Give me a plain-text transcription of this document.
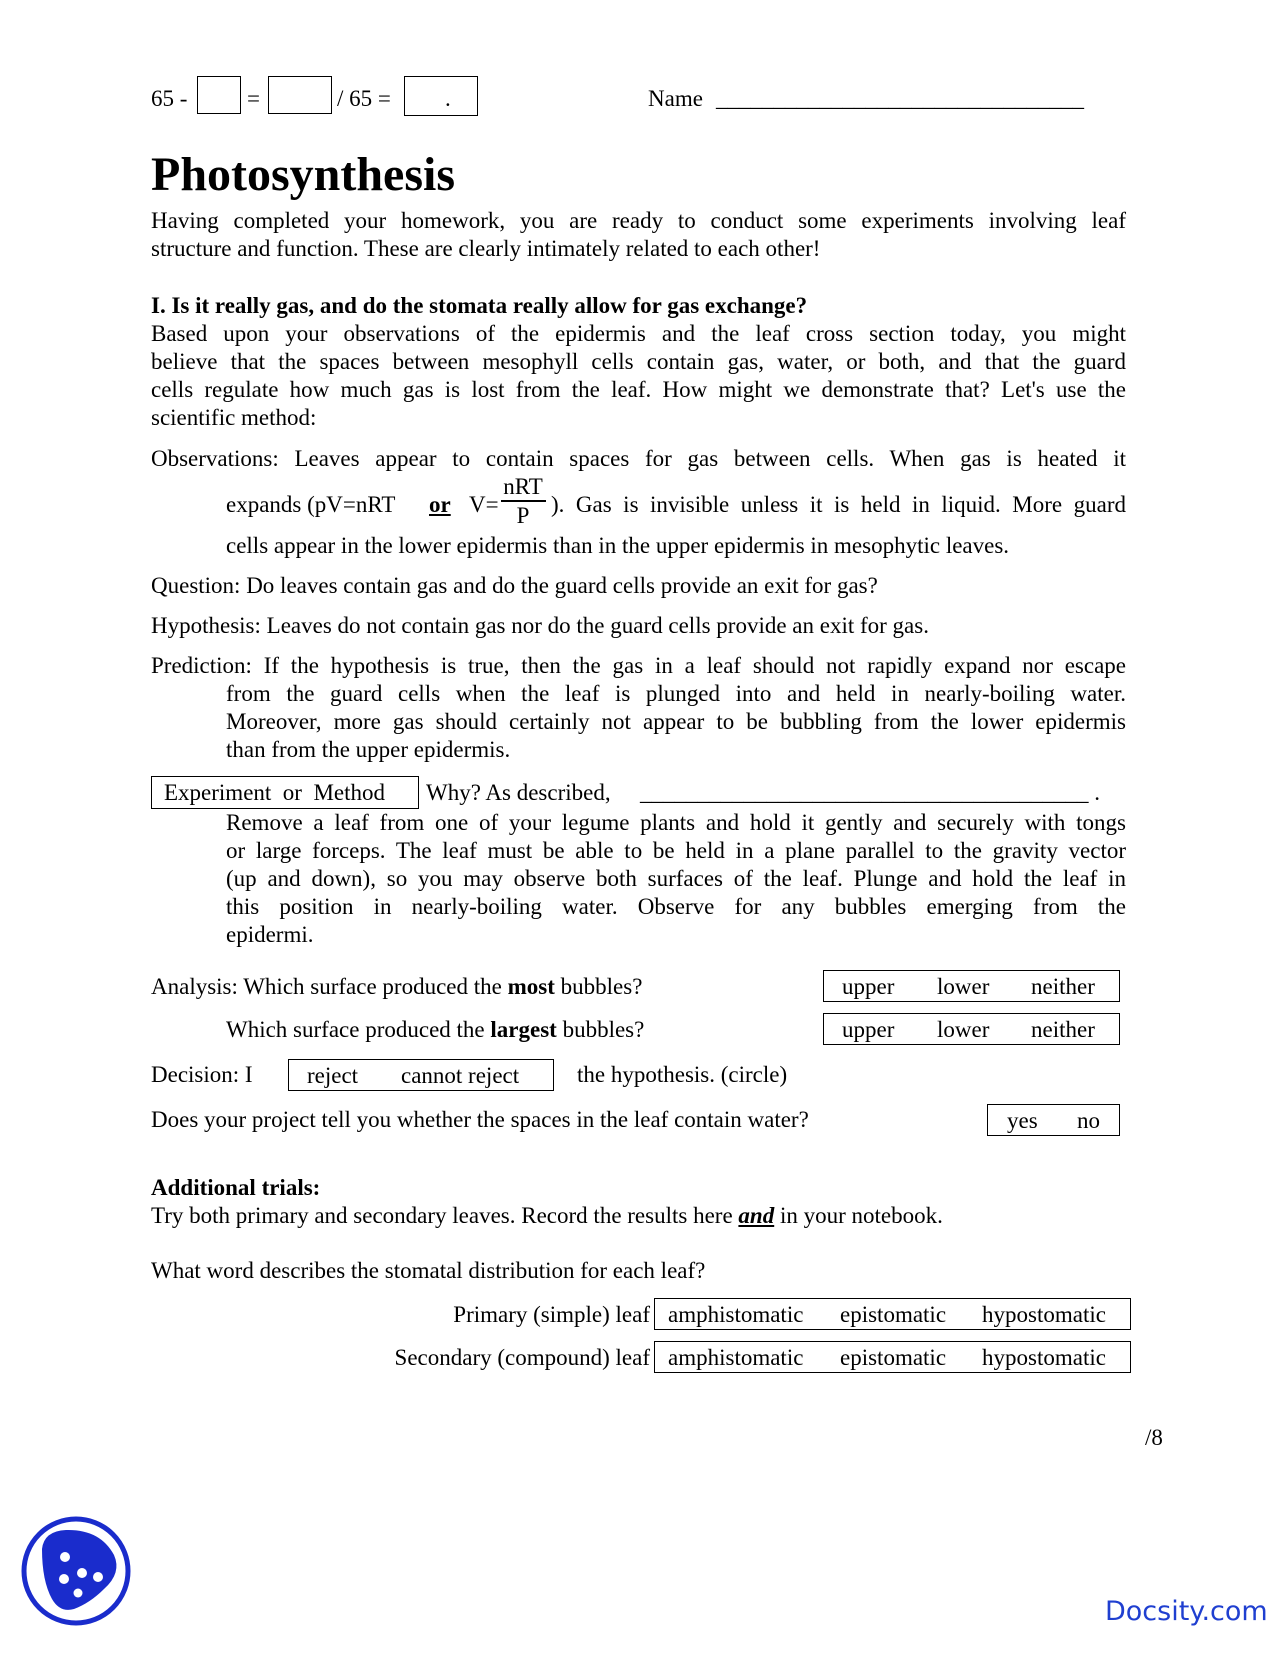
65 -	=	/ 65 = .	Name ________________________________
Photosynthesis
Having completed your homework, you are ready to conduct some experiments involving leaf
structure and function. These are clearly intimately related to each other!
I. Is it really gas, and do the stomata really allow for gas exchange?
Based upon your observations of the epidermis and the leaf cross section today, you might
believe that the spaces between mesophyll cells contain gas, water, or both, and that the guard
cells regulate how much gas is lost from the leaf. How might we demonstrate that? Let's use the
scientific method:
Observations: Leaves appear to contain spaces for gas between cells. When gas is heated it
expands (pV=nRT or V=
nRT
P ). Gas is invisible unless it is held in liquid. More guard
cells appear in the lower epidermis than in the upper epidermis in mesophytic leaves.
Question: Do leaves contain gas and do the guard cells provide an exit for gas?
Hypothesis: Leaves do not contain gas nor do the guard cells provide an exit for gas.
Prediction: If the hypothesis is true, then the gas in a leaf should not rapidly expand nor escape
from the guard cells when the leaf is plunged into and held in nearly-boiling water.
Moreover, more gas should certainly not appear to be bubbling from the lower epidermis
than from the upper epidermis.
Experiment  or  Method Why? As described, _______________________________________ .
Remove a leaf from one of your legume plants and hold it gently and securely with tongs
or large forceps. The leaf must be able to be held in a plane parallel to the gravity vector
(up and down), so you may observe both surfaces of the leaf. Plunge and hold the leaf in
this position in nearly-boiling water. Observe for any bubbles emerging from the
epidermi.
Analysis: Which surface produced the most bubbles?	upper lower neither
Which surface produced the largest bubbles?	upper lower neither
Decision: I reject cannot reject	the hypothesis. (circle)
Does your project tell you whether the spaces in the leaf contain water?	yes no
Additional trials:
Try both primary and secondary leaves. Record the results here and in your notebook.
What word describes the stomatal distribution for each leaf?
Primary (simple) leaf amphistomatic epistomatic hypostomatic
Secondary (compound) leaf amphistomatic epistomatic hypostomatic
/8
Docsity.com
